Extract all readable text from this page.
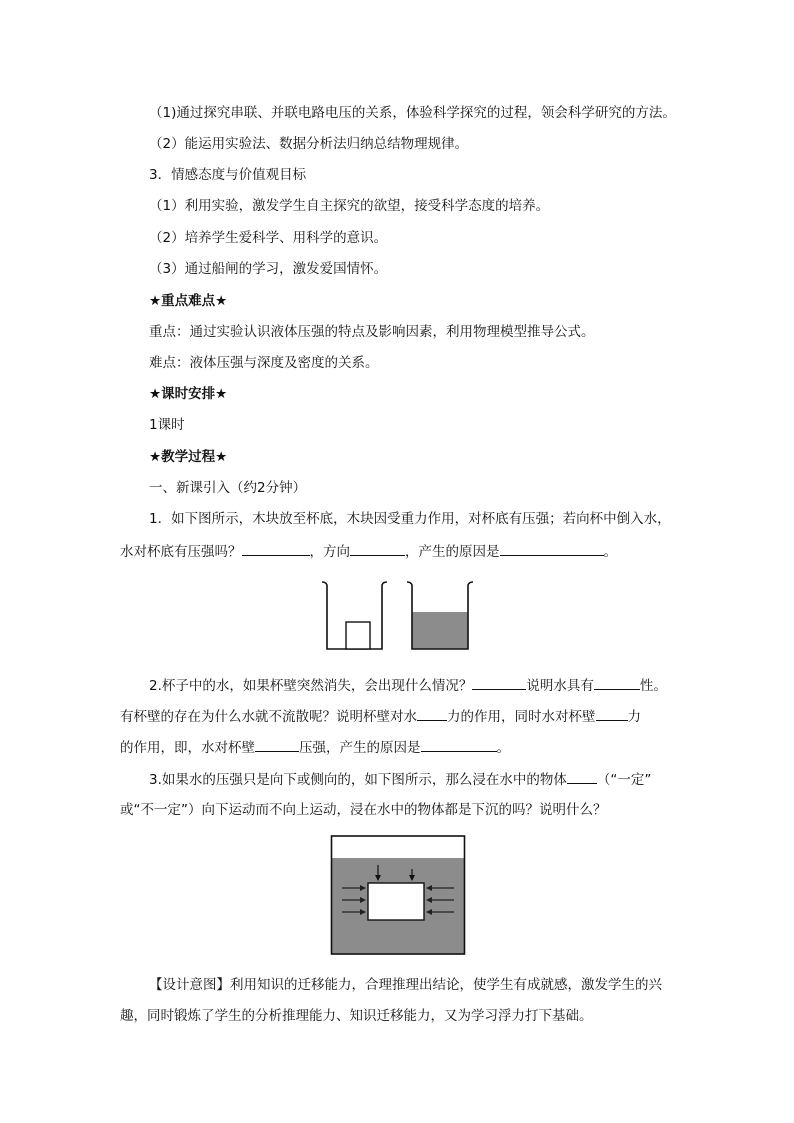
（1)通过探究串联、并联电路电压的关系，体验科学探究的过程，领会科学研究的方法。
（2）能运用实验法、数据分析法归纳总结物理规律。
3．情感态度与价值观目标
（1）利用实验，激发学生自主探究的欲望，接受科学态度的培养。
（2）培养学生爱科学、用科学的意识。
（3）通过船闸的学习，激发爱国情怀。
★重点难点★
重点：通过实验认识液体压强的特点及影响因素，利用物理模型推导公式。
难点：液体压强与深度及密度的关系。
★课时安排★
1课时
★教学过程★
一、新课引入（约2分钟）
1．如下图所示，木块放至杯底，木块因受重力作用，对杯底有压强；若向杯中倒入水，
水对杯底有压强吗？	，方向	，产生的原因是	。
2.杯子中的水，如果杯壁突然消失，会出现什么情况？	说明水具有	性。
有杯壁的存在为什么水就不流散呢？说明杯壁对水 力的作用，同时水对杯壁 力
的作用，即，水对杯壁	压强，产生的原因是	。
3.如果水的压强只是向下或侧向的，如下图所示，那么浸在水中的物体 （“一定”
或“不一定”）向下运动而不向上运动，浸在水中的物体都是下沉的吗？说明什么？
【设计意图】利用知识的迁移能力，合理推理出结论，使学生有成就感，激发学生的兴
趣，同时锻炼了学生的分析推理能力、知识迁移能力，又为学习浮力打下基础。
